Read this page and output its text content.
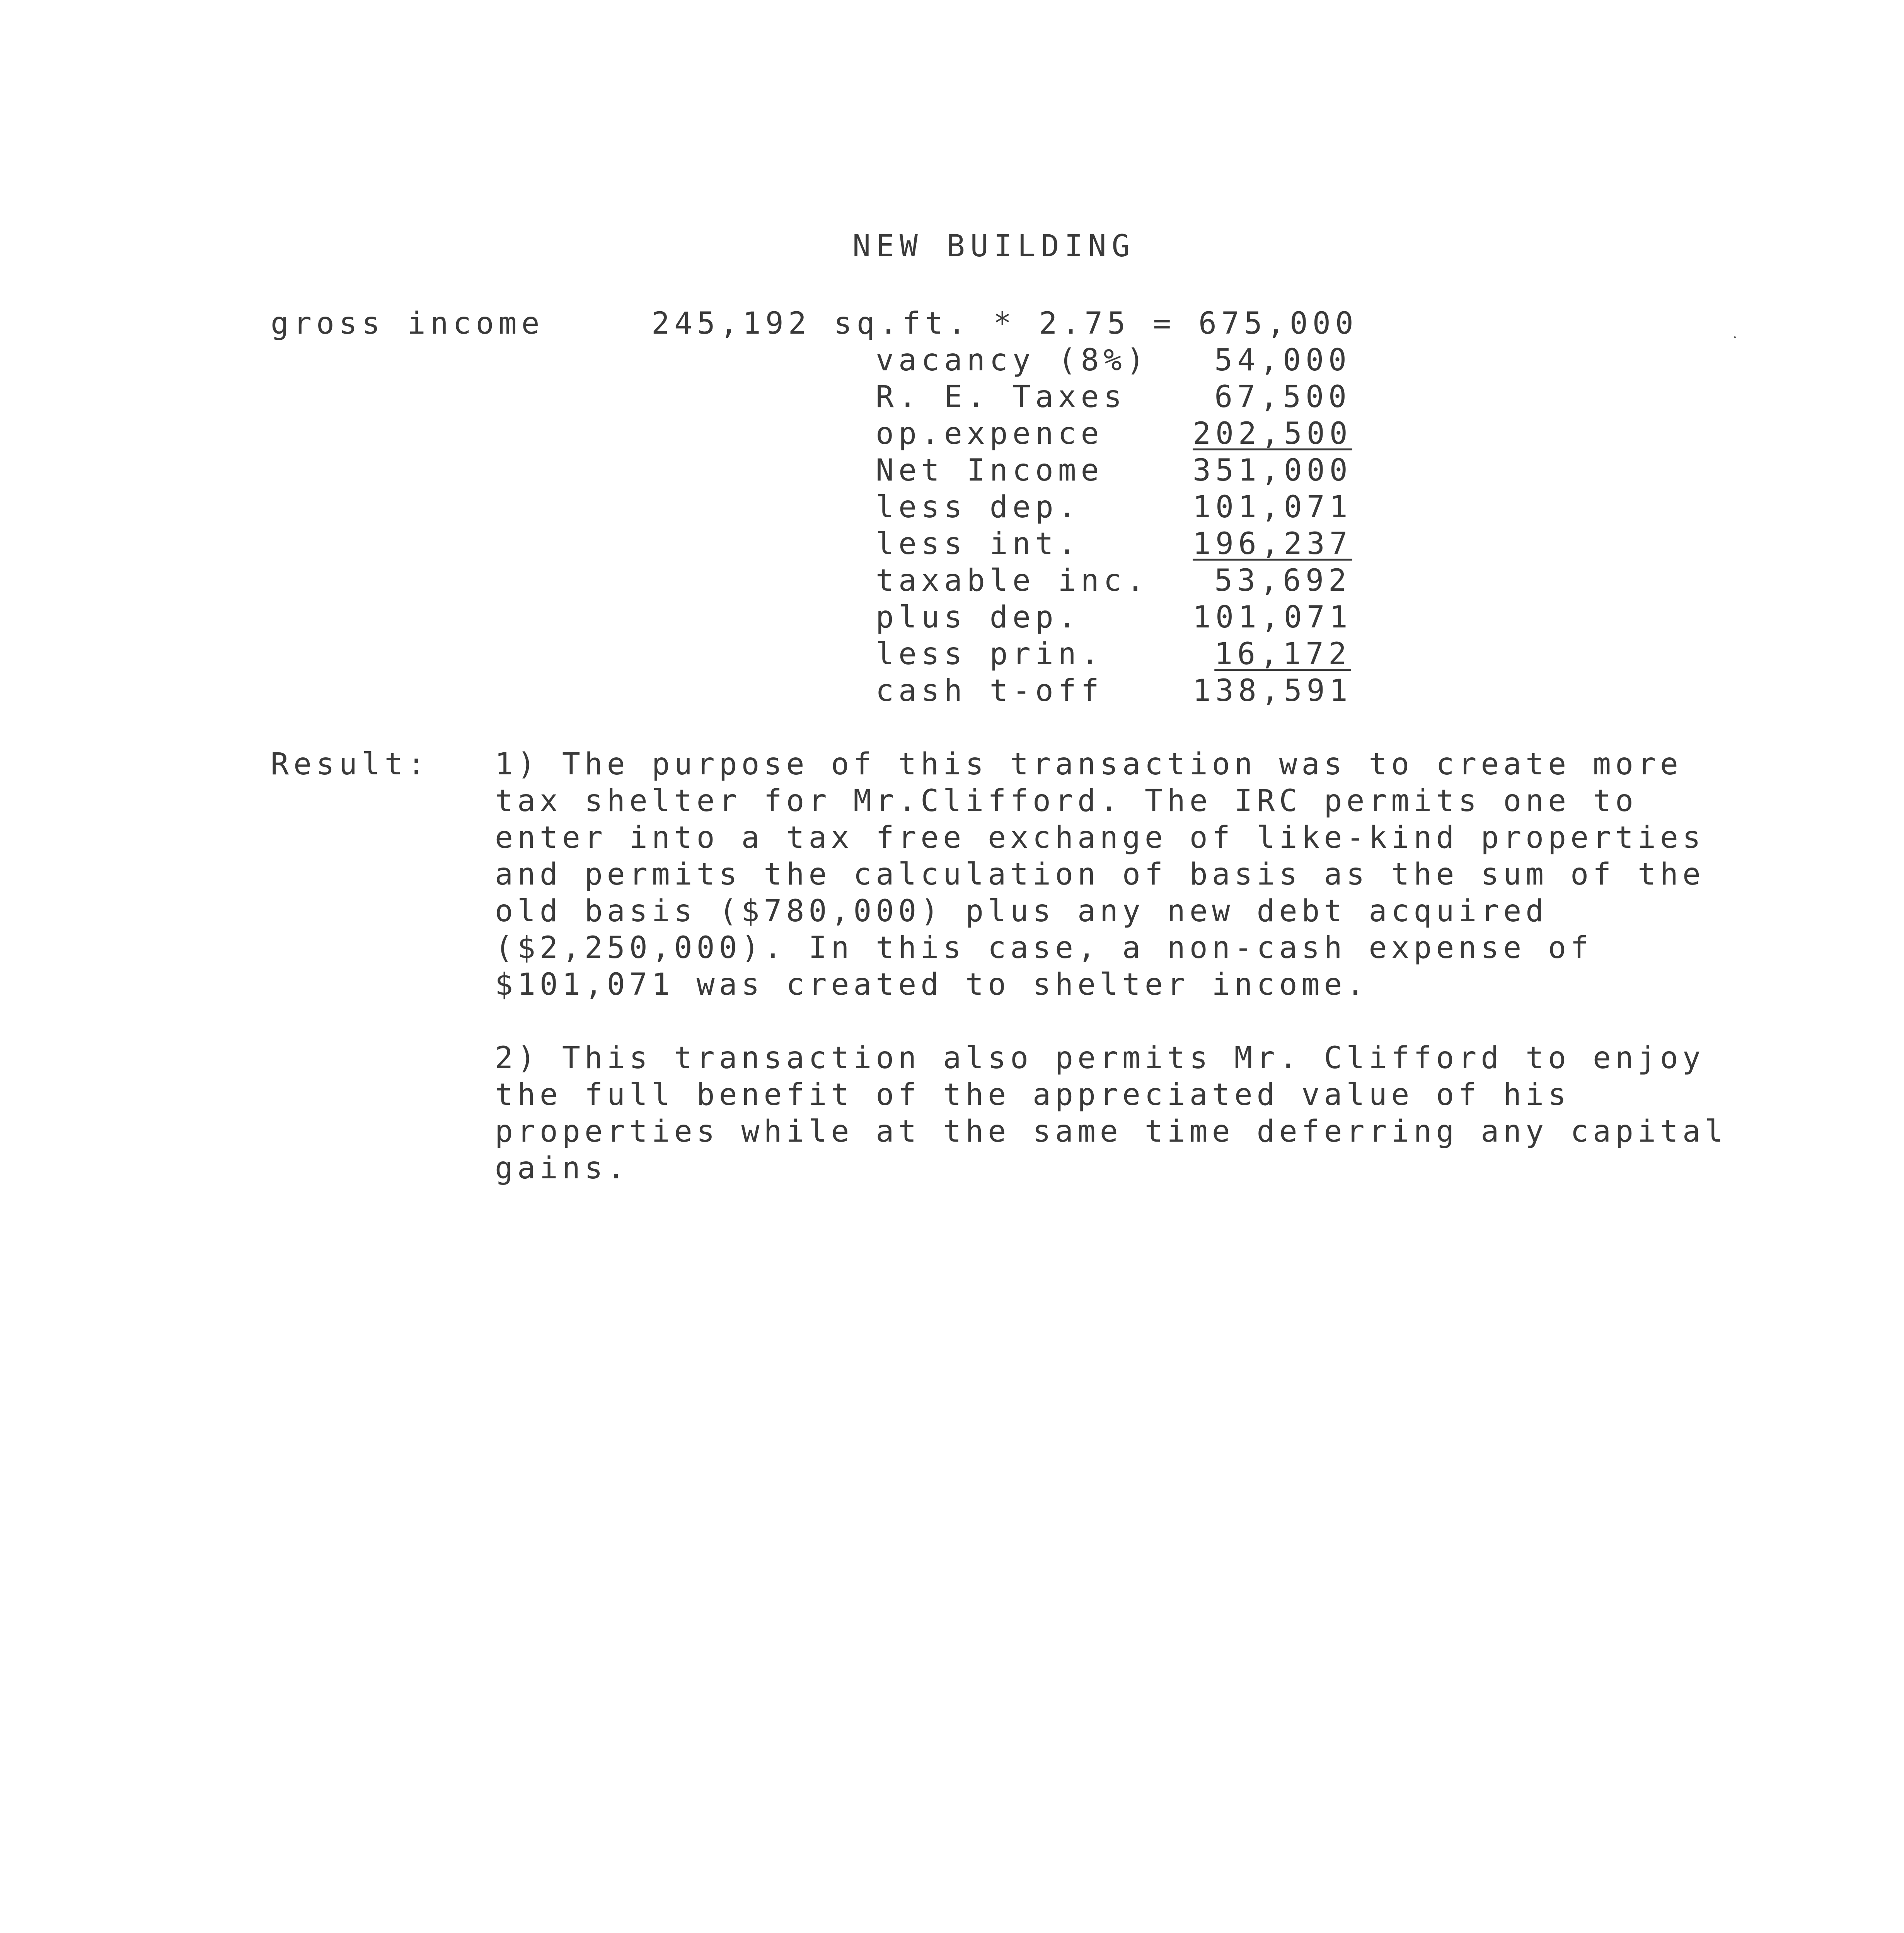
NEW BUILDING
gross income	245,192 sq.ft. * 2.75 = 675,000
vacancy (8%)	54,000
R. E. Taxes	67,500
op.expence	202,500
Net Income	351,000
less dep.	101,071
less int.	196,237
taxable inc.	53,692
plus dep.	101,071
less prin.	16,172
cash t-off	138,591
Result: 1) The purpose of this transaction was to create more
tax shelter for Mr.Clifford. The IRC permits one to
enter into a tax free exchange of like-kind properties
and permits the calculation of basis as the sum of the
old basis ($780,000) plus any new debt acquired
($2,250,000). In this case, a non-cash expense of
$101,071 was created to shelter income.
2) This transaction also permits Mr. Clifford to enjoy
the full benefit of the appreciated value of his
properties while at the same time deferring any capital
gains.
